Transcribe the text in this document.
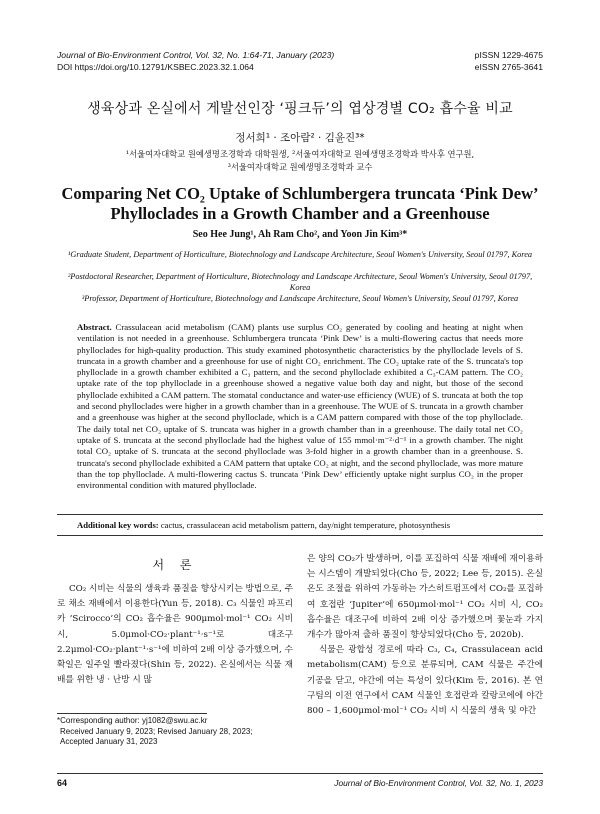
Journal of Bio-Environment Control, Vol. 32, No. 1:64-71, January (2023)
DOI https://doi.org/10.12791/KSBEC.2023.32.1.064
pISSN 1229-4675
eISSN 2765-3641
생육상과 온실에서 게발선인장 ‘핑크듀’의 엽상경별 CO₂ 흡수율 비교
정서희¹ · 조아람² · 김윤진³*
¹서울여자대학교 원예생명조경학과 대학원생, ²서울여자대학교 원예생명조경학과 박사후 연구원,
³서울여자대학교 원예생명조경학과 교수
Comparing Net CO₂ Uptake of Schlumbergera truncata ‘Pink Dew’
Phylloclades in a Growth Chamber and a Greenhouse
Seo Hee Jung¹, Ah Ram Cho², and Yoon Jin Kim³*
¹Graduate Student, Department of Horticulture, Biotechnology and Landscape Architecture, Seoul Women's University, Seoul 01797, Korea
²Postdoctoral Researcher, Department of Horticulture, Biotechnology and Landscape Architecture, Seoul Women's University, Seoul 01797, Korea
³Professor, Department of Horticulture, Biotechnology and Landscape Architecture, Seoul Women's University, Seoul 01797, Korea
Abstract. Crassulacean acid metabolism (CAM) plants use surplus CO₂ generated by cooling and heating at night when ventilation is not needed in a greenhouse. Schlumbergera truncata ‘Pink Dew’ is a multi-flowering cactus that needs more phylloclades for high-quality production. This study examined photosynthetic characteristics by the phylloclade levels of S. truncata in a growth chamber and a greenhouse for use of night CO₂ enrichment. The CO₂ uptake rate of the S. truncata's top phylloclade in a growth chamber exhibited a C₃ pattern, and the second phylloclade exhibited a C₃-CAM pattern. The CO₂ uptake rate of the top phylloclade in a greenhouse showed a negative value both day and night, but those of the second phylloclade exhibited a CAM pattern. The stomatal conductance and water-use efficiency (WUE) of S. truncata at both the top and second phylloclades were higher in a growth chamber than in a greenhouse. The WUE of S. truncata in a growth chamber and a greenhouse was higher at the second phylloclade, which is a CAM pattern compared with those of the top phylloclade. The daily total net CO₂ uptake of S. truncata was higher in a growth chamber than in a greenhouse. The daily total net CO₂ uptake of S. truncata at the second phylloclade had the highest value of 155 mmol·m⁻²·d⁻¹ in a growth chamber. The night total CO₂ uptake of S. truncata at the second phylloclade was 3-fold higher in a growth chamber than in a greenhouse. S. truncata's second phylloclade exhibited a CAM pattern that uptake CO₂ at night, and the second phylloclade, was more mature than the top phylloclade. A multi-flowering cactus S. truncata ‘Pink Dew’ efficiently uptake night surplus CO₂ in the proper environmental condition with matured phylloclade.
Additional key words: cactus, crassulacean acid metabolism pattern, day/night temperature, photosynthesis
서 론

CO₂ 시비는 식물의 생육과 품질을 향상시키는 방법으로, 주로 채소 재배에서 이용한다(Yun 등, 2018). C₃ 식물인 파프리카 ‘Scirocco’의 CO₂ 흡수율은 900μmol·mol⁻¹ CO₂ 시비 시, 5.0μmol·CO₂·plant⁻¹·s⁻¹로 대조구 2.2μmol·CO₂·plant⁻¹·s⁻¹에 비하여 2배 이상 증가했으며, 수확일은 일주일 빨라졌다(Shin 등, 2022). 온실에서는 식물 재배를 위한 냉 · 난방 시 많

은 양의 CO₂가 발생하며, 이를 포집하여 식물 재배에 재이용하는 시스템이 개발되었다(Cho 등, 2022; Lee 등, 2015). 온실 온도 조절을 위하여 가동하는 가스히트펌프에서 CO₂를 포집하여 호접란 ‘Jupiter’에 650μmol·mol⁻¹ CO₂ 시비 시, CO₂ 흡수율은 대조구에 비하여 2배 이상 증가했으며 꽃눈과 가지 개수가 많아져 출하 품질이 향상되었다(Cho 등, 2020b).

식물은 광합성 경로에 따라 C₃, C₄, Crassulacean acid metabolism(CAM) 등으로 분류되며, CAM 식물은 주간에 기공을 닫고, 야간에 여는 특성이 있다(Kim 등, 2016). 본 연구팀의 이전 연구에서 CAM 식물인 호접란과 칼랑코에에 야간 800 – 1,600μmol·mol⁻¹ CO₂ 시비 시 식물의 생육 및 야간

*Corresponding author: yj1082@swu.ac.kr
Received January 9, 2023; Revised January 28, 2023;
Accepted January 31, 2023
64	Journal of Bio-Environment Control, Vol. 32, No. 1, 2023
